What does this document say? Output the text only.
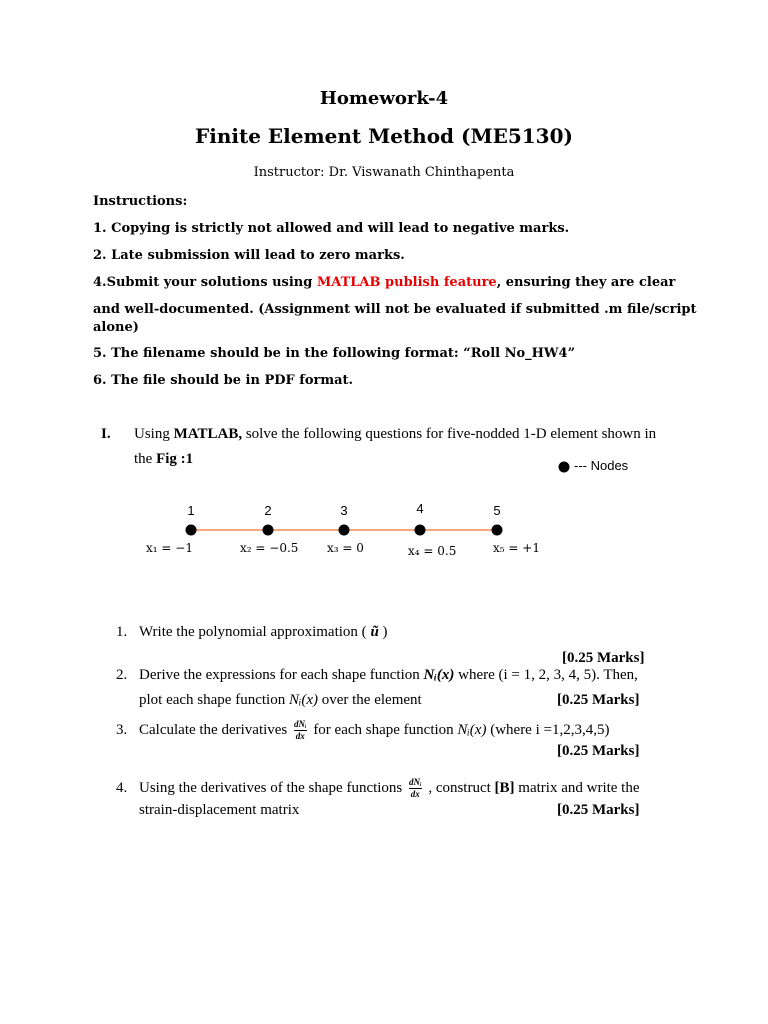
Homework-4
Finite Element Method (ME5130)
Instructor: Dr. Viswanath Chinthapenta
Instructions:
1. Copying is strictly not allowed and will lead to negative marks.
2. Late submission will lead to zero marks.
4.Submit your solutions using MATLAB publish feature, ensuring they are clear
and well-documented. (Assignment will not be evaluated if submitted .m file/script
alone)
5. The filename should be in the following format: “Roll No_HW4”
6. The file should be in PDF format.
I. Using MATLAB, solve the following questions for five-nodded 1-D element shown in
the Fig :1	--- Nodes
1	2	3	4	5
x₁ = −1	x₂ = −0.5 x₃ = 0	x₄ = 0.5	x₅ = +1
1. Write the polynomial approximation ( ũ )
[0.25 Marks]
2. Derive the expressions for each shape function Nᵢ(x) where (i = 1, 2, 3, 4, 5). Then,
plot each shape function Nᵢ(x) over the element	[0.25 Marks]
3. Calculate the derivatives $\frac{\text{dNᵢ}}{dx}$ for each shape function Nᵢ(x) (where i =1,2,3,4,5)
[0.25 Marks]
4. Using the derivatives of the shape functions $\frac{\text{dNᵢ}}{dx}$ , construct [B] matrix and write the
strain-displacement matrix	[0.25 Marks]
